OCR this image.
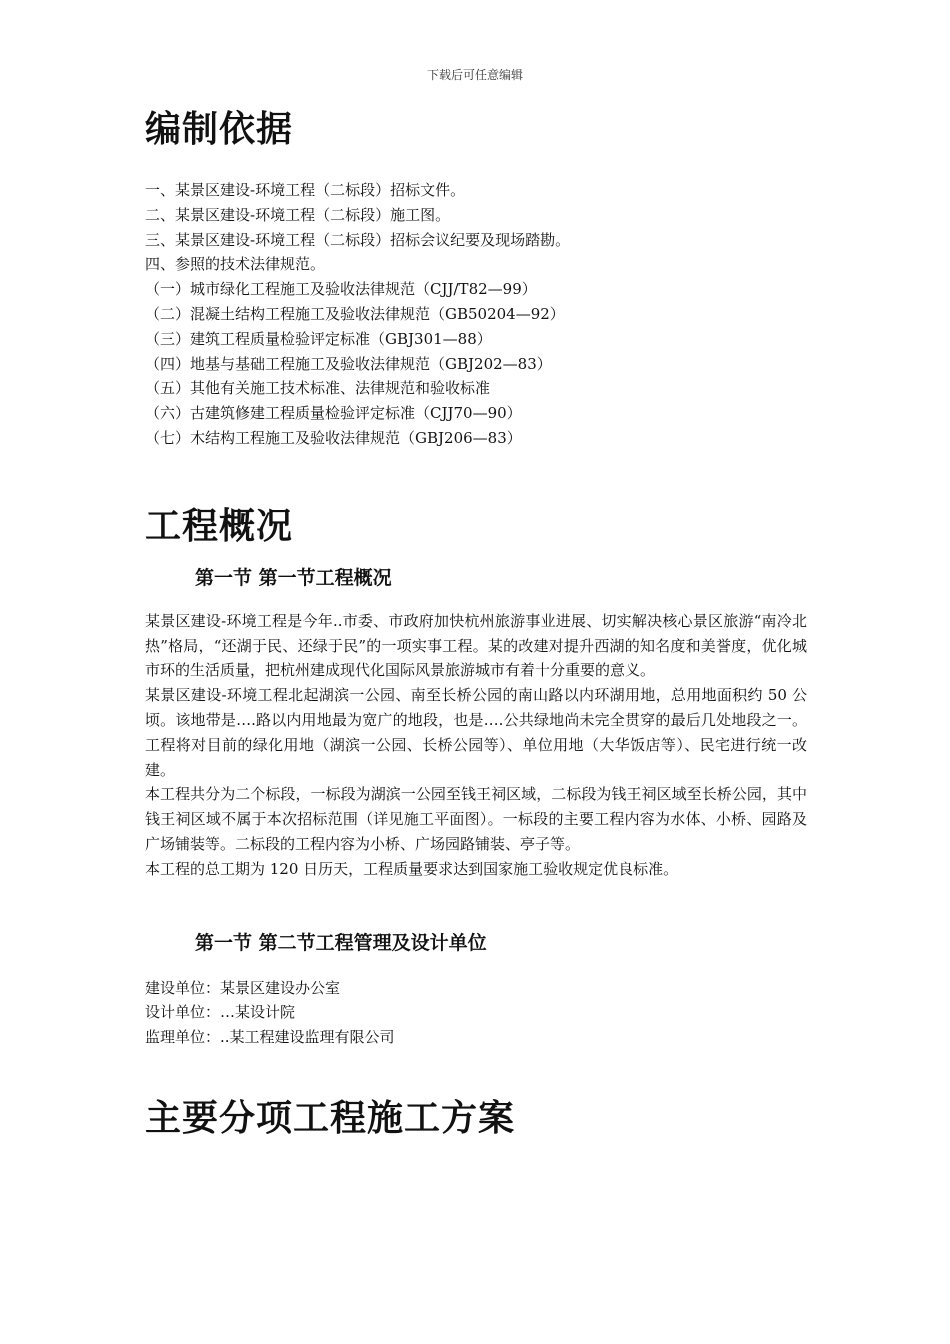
下载后可任意编辑
编制依据

一、某景区建设-环境工程（二标段）招标文件。

二、某景区建设-环境工程（二标段）施工图。

三、某景区建设-环境工程（二标段）招标会议纪要及现场踏勘。

四、参照的技术法律规范。

（一）城市绿化工程施工及验收法律规范（CJJ/T82—99）

（二）混凝土结构工程施工及验收法律规范（GB50204—92）

（三）建筑工程质量检验评定标准（GBJ301—88）

（四）地基与基础工程施工及验收法律规范（GBJ202—83）

（五）其他有关施工技术标准、法律规范和验收标准

（六）古建筑修建工程质量检验评定标准（CJJ70—90）

（七）木结构工程施工及验收法律规范（GBJ206—83）

工程概况
第一节 第一节工程概况

某景区建设-环境工程是今年..市委、市政府加快杭州旅游事业进展、切实解决核心景区旅游“南冷北热”格局，“还湖于民、还绿于民”的一项实事工程。某的改建对提升西湖的知名度和美誉度，优化城市环的生活质量，把杭州建成现代化国际风景旅游城市有着十分重要的意义。

某景区建设-环境工程北起湖滨一公园、南至长桥公园的南山路以内环湖用地，总用地面积约 50 公顷。该地带是….路以内用地最为宽广的地段，也是….公共绿地尚未完全贯穿的最后几处地段之一。工程将对目前的绿化用地（湖滨一公园、长桥公园等）、单位用地（大华饭店等）、民宅进行统一改建。

本工程共分为二个标段，一标段为湖滨一公园至钱王祠区域，二标段为钱王祠区域至长桥公园，其中钱王祠区域不属于本次招标范围（详见施工平面图）。一标段的主要工程内容为水体、小桥、园路及广场铺装等。二标段的工程内容为小桥、广场园路铺装、亭子等。

本工程的总工期为 120 日历天，工程质量要求达到国家施工验收规定优良标准。

第一节 第二节工程管理及设计单位

建设单位：某景区建设办公室

设计单位：…某设计院

监理单位：..某工程建设监理有限公司

主要分项工程施工方案
